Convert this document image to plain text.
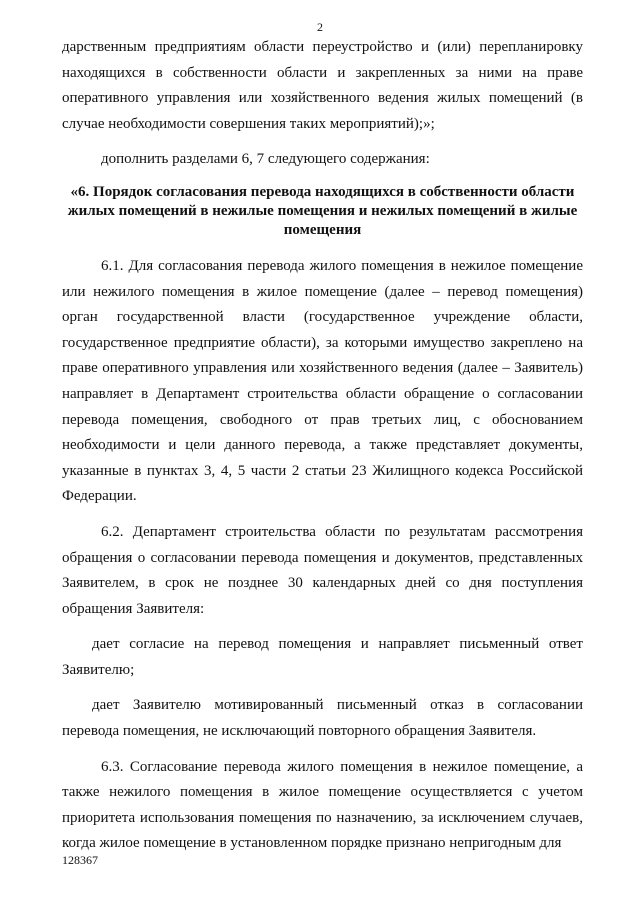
2

дарственным предприятиям области переустройство и (или) перепланировку находящихся в собственности области и закрепленных за ними на праве оперативного управления или хозяйственного ведения жилых помещений (в случае необходимости совершения таких мероприятий);»;

дополнить разделами 6, 7 следующего содержания:

«6. Порядок согласования перевода находящихся в собственности области жилых помещений в нежилые помещения и нежилых помещений в жилые помещения

6.1. Для согласования перевода жилого помещения в нежилое помещение или нежилого помещения в жилое помещение (далее – перевод помещения) орган государственной власти (государственное учреждение области, государственное предприятие области), за которыми имущество закреплено на праве оперативного управления или хозяйственного ведения (далее – Заявитель) направляет в Департамент строительства области обращение о согласовании перевода помещения, свободного от прав третьих лиц, с обоснованием необходимости и цели данного перевода, а также представляет документы, указанные в пунктах 3, 4, 5 части 2 статьи 23 Жилищного кодекса Российской Федерации.

6.2. Департамент строительства области по результатам рассмотрения обращения о согласовании перевода помещения и документов, представленных Заявителем, в срок не позднее 30 календарных дней со дня поступления обращения Заявителя:

дает согласие на перевод помещения и направляет письменный ответ Заявителю;

дает Заявителю мотивированный письменный отказ в согласовании перевода помещения, не исключающий повторного обращения Заявителя.

6.3. Согласование перевода жилого помещения в нежилое помещение, а также нежилого помещения в жилое помещение осуществляется с учетом приоритета использования помещения по назначению, за исключением случаев, когда жилое помещение в установленном порядке признано непригодным для

128367
